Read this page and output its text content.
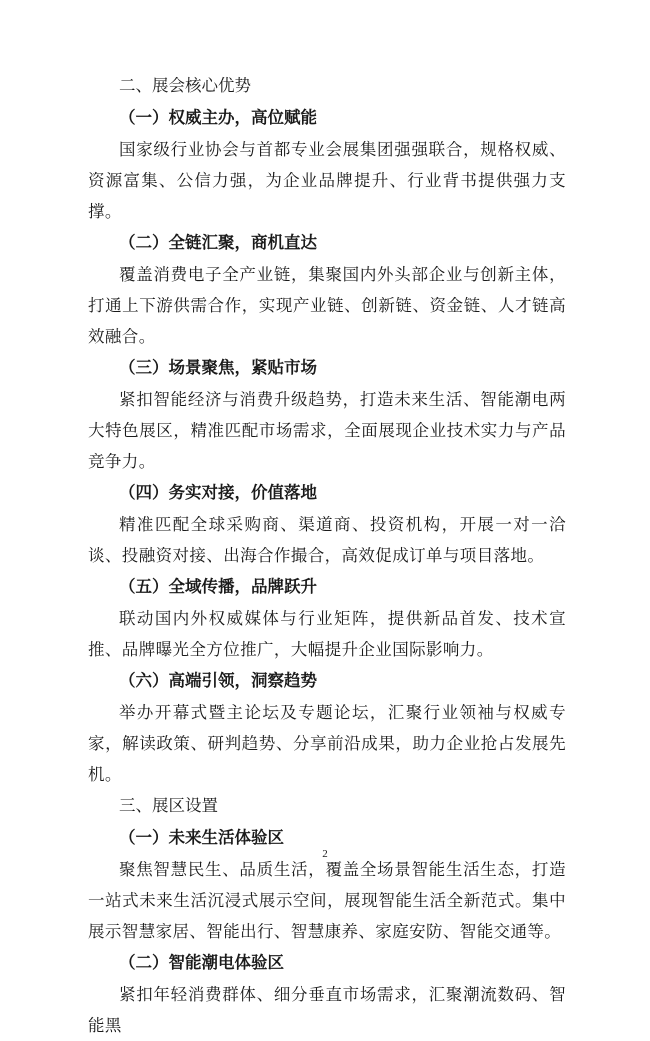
二、展会核心优势
（一）权威主办，高位赋能
国家级行业协会与首都专业会展集团强强联合，规格权威、资源富集、公信力强，为企业品牌提升、行业背书提供强力支撑。
（二）全链汇聚，商机直达
覆盖消费电子全产业链，集聚国内外头部企业与创新主体，打通上下游供需合作，实现产业链、创新链、资金链、人才链高效融合。
（三）场景聚焦，紧贴市场
紧扣智能经济与消费升级趋势，打造未来生活、智能潮电两大特色展区，精准匹配市场需求，全面展现企业技术实力与产品竞争力。
（四）务实对接，价值落地
精准匹配全球采购商、渠道商、投资机构，开展一对一洽谈、投融资对接、出海合作撮合，高效促成订单与项目落地。
（五）全域传播，品牌跃升
联动国内外权威媒体与行业矩阵，提供新品首发、技术宣推、品牌曝光全方位推广，大幅提升企业国际影响力。
（六）高端引领，洞察趋势
举办开幕式暨主论坛及专题论坛，汇聚行业领袖与权威专家，解读政策、研判趋势、分享前沿成果，助力企业抢占发展先机。
三、展区设置
（一）未来生活体验区
聚焦智慧民生、品质生活，覆盖全场景智能生活生态，打造一站式未来生活沉浸式展示空间，展现智能生活全新范式。集中展示智慧家居、智能出行、智慧康养、家庭安防、智能交通等。
（二）智能潮电体验区
紧扣年轻消费群体、细分垂直市场需求，汇聚潮流数码、智能黑
2
